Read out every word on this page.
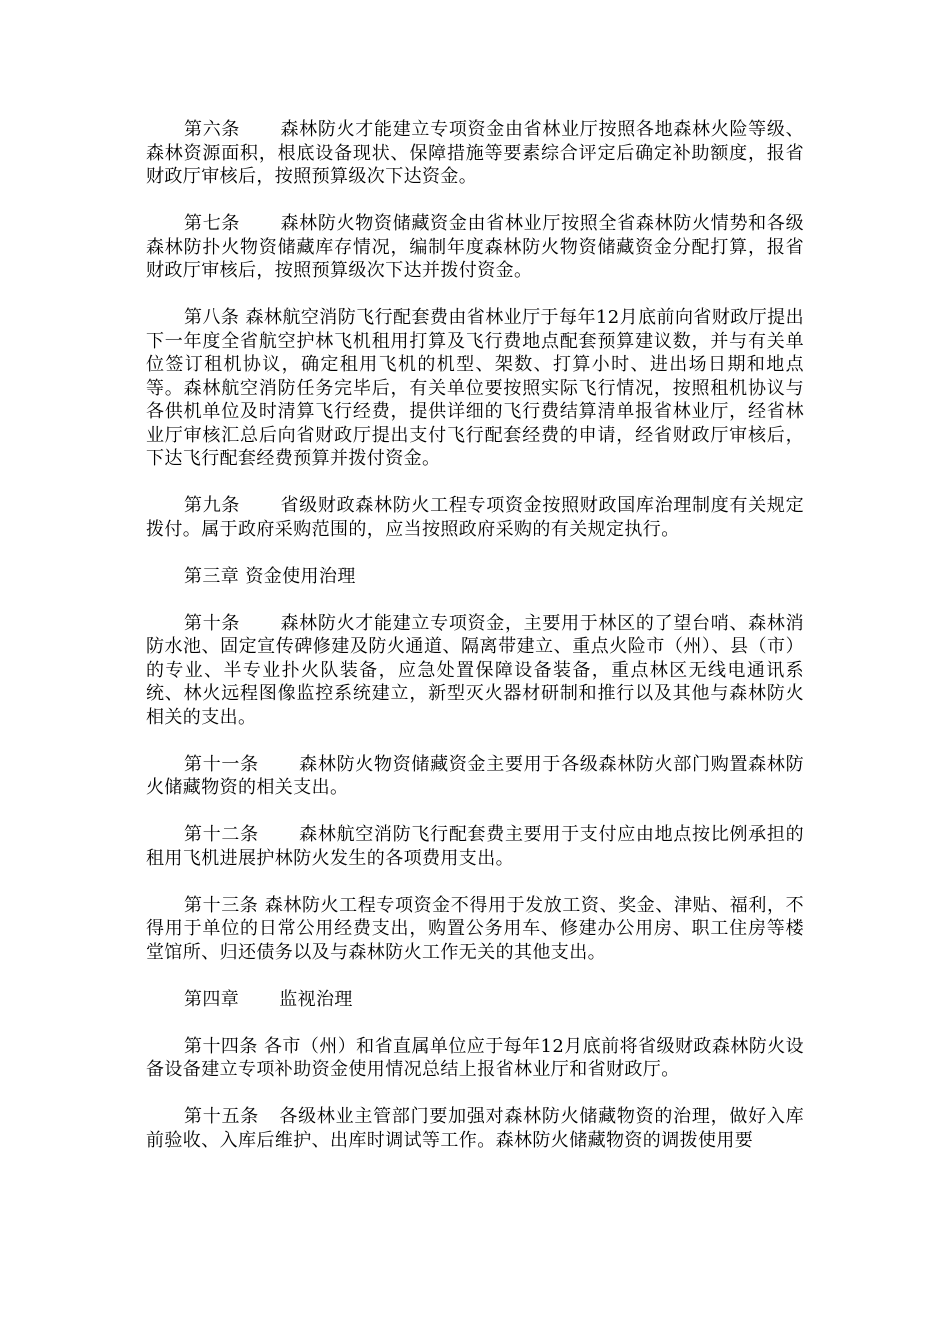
第六条 森林防火才能建立专项资金由省林业厅按照各地森林火险等级、森林资源面积，根底设备现状、保障措施等要素综合评定后确定补助额度，报省财政厅审核后，按照预算级次下达资金。

第七条 森林防火物资储藏资金由省林业厅按照全省森林防火情势和各级森林防扑火物资储藏库存情况，编制年度森林防火物资储藏资金分配打算，报省财政厅审核后，按照预算级次下达并拨付资金。

第八条 森林航空消防飞行配套费由省林业厅于每年12月底前向省财政厅提出下一年度全省航空护林飞机租用打算及飞行费地点配套预算建议数，并与有关单位签订租机协议，确定租用飞机的机型、架数、打算小时、进出场日期和地点等。森林航空消防任务完毕后，有关单位要按照实际飞行情况，按照租机协议与各供机单位及时清算飞行经费，提供详细的飞行费结算清单报省林业厅，经省林业厅审核汇总后向省财政厅提出支付飞行配套经费的申请，经省财政厅审核后，下达飞行配套经费预算并拨付资金。

第九条 省级财政森林防火工程专项资金按照财政国库治理制度有关规定拨付。属于政府采购范围的，应当按照政府采购的有关规定执行。

第三章 资金使用治理

第十条 森林防火才能建立专项资金，主要用于林区的了望台哨、森林消防水池、固定宣传碑修建及防火通道、隔离带建立、重点火险市（州）、县（市）的专业、半专业扑火队装备，应急处置保障设备装备，重点林区无线电通讯系统、林火远程图像监控系统建立，新型灭火器材研制和推行以及其他与森林防火相关的支出。

第十一条 森林防火物资储藏资金主要用于各级森林防火部门购置森林防火储藏物资的相关支出。

第十二条 森林航空消防飞行配套费主要用于支付应由地点按比例承担的租用飞机进展护林防火发生的各项费用支出。

第十三条 森林防火工程专项资金不得用于发放工资、奖金、津贴、福利，不得用于单位的日常公用经费支出，购置公务用车、修建办公用房、职工住房等楼堂馆所、归还债务以及与森林防火工作无关的其他支出。

第四章 监视治理

第十四条 各市（州）和省直属单位应于每年12月底前将省级财政森林防火设备设备建立专项补助资金使用情况总结上报省林业厅和省财政厅。

第十五条 各级林业主管部门要加强对森林防火储藏物资的治理，做好入库前验收、入库后维护、出库时调试等工作。森林防火储藏物资的调拨使用要
